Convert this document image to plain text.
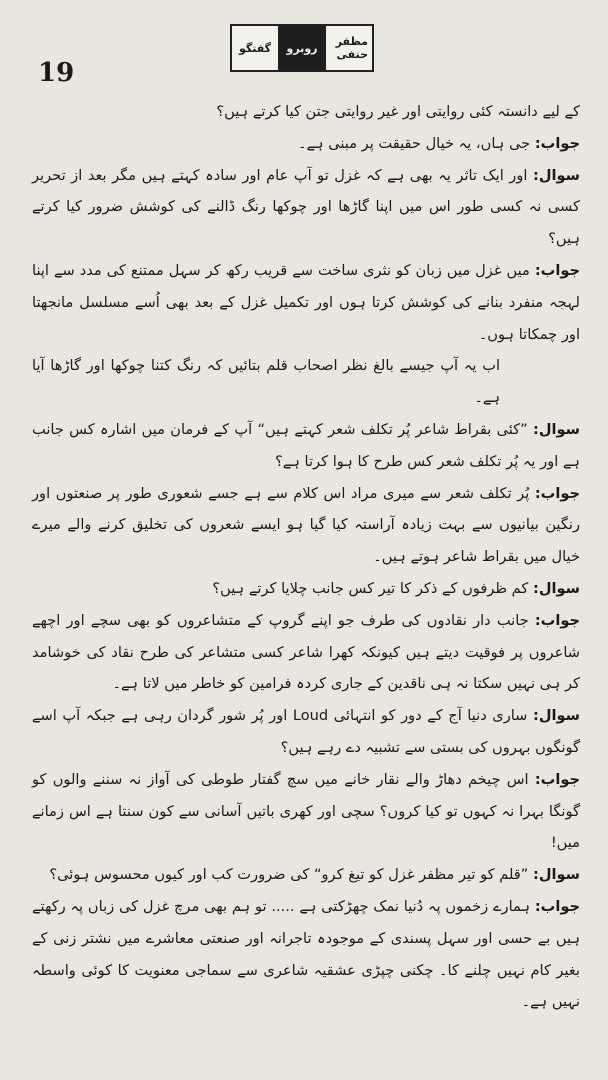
19
مظفر حنفی
روبرو
گفتگو

کے لیے دانستہ کئی روایتی اور غیر روایتی جتن کیا کرتے ہیں؟

جواب: جی ہاں، یہ خیال حقیقت پر مبنی ہے۔

سوال: اور ایک تاثر یہ بھی ہے کہ غزل تو آپ عام اور سادہ کہتے ہیں مگر بعد از تحریر کسی نہ کسی طور اس میں اپنا گاڑھا اور چوکھا رنگ ڈالنے کی کوشش ضرور کیا کرتے ہیں؟

جواب: میں غزل میں زبان کو نثری ساخت سے قریب رکھ کر سہل ممتنع کی مدد سے اپنا لہجہ منفرد بنانے کی کوشش کرتا ہوں اور تکمیل غزل کے بعد بھی اُسے مسلسل مانجھتا اور چمکاتا ہوں۔

اب یہ آپ جیسے بالغ نظر اصحاب قلم بتائیں کہ رنگ کتنا چوکھا اور گاڑھا آیا ہے۔

سوال: ”کئی بقراط شاعر پُر تکلف شعر کہتے ہیں“ آپ کے فرمان میں اشارہ کس جانب ہے اور یہ پُر تکلف شعر کس طرح کا ہوا کرتا ہے؟

جواب: پُر تکلف شعر سے میری مراد اس کلام سے ہے جسے شعوری طور پر صنعتوں اور رنگین بیانیوں سے بہت زیادہ آراستہ کیا گیا ہو ایسے شعروں کی تخلیق کرنے والے میرے خیال میں بقراط شاعر ہوتے ہیں۔

سوال: کم ظرفوں کے ذکر کا تیر کس جانب چلایا کرتے ہیں؟

جواب: جانب دار نقادوں کی طرف جو اپنے گروپ کے متشاعروں کو بھی سچے اور اچھے شاعروں پر فوقیت دیتے ہیں کیونکہ کھرا شاعر کسی متشاعر کی طرح نقاد کی خوشامد کر ہی نہیں سکتا نہ ہی ناقدین کے جاری کردہ فرامین کو خاطر میں لاتا ہے۔

سوال: ساری دنیا آج کے دور کو انتہائی Loud اور پُر شور گردان رہی ہے جبکہ آپ اسے گونگوں بہروں کی بستی سے تشبیہ دے رہے ہیں؟

جواب: اس چیخم دھاڑ والے نقار خانے میں سچ گفتار طوطی کی آواز نہ سننے والوں کو گونگا بہرا نہ کہوں تو کیا کروں؟ سچی اور کھری باتیں آسانی سے کون سنتا ہے اس زمانے میں!

سوال: ”قلم کو تیر مظفر غزل کو تیغ کرو“ کی ضرورت کب اور کیوں محسوس ہوئی؟

جواب: ہمارے زخموں پہ دُنیا نمک چھڑکتی ہے ..... تو ہم بھی مرچ غزل کی زباں پہ رکھتے ہیں بے حسی اور سہل پسندی کے موجودہ تاجرانہ اور صنعتی معاشرے میں نشتر زنی کے بغیر کام نہیں چلنے کا۔ چکنی چپڑی عشقیہ شاعری سے سماجی معنویت کا کوئی واسطہ نہیں ہے۔
